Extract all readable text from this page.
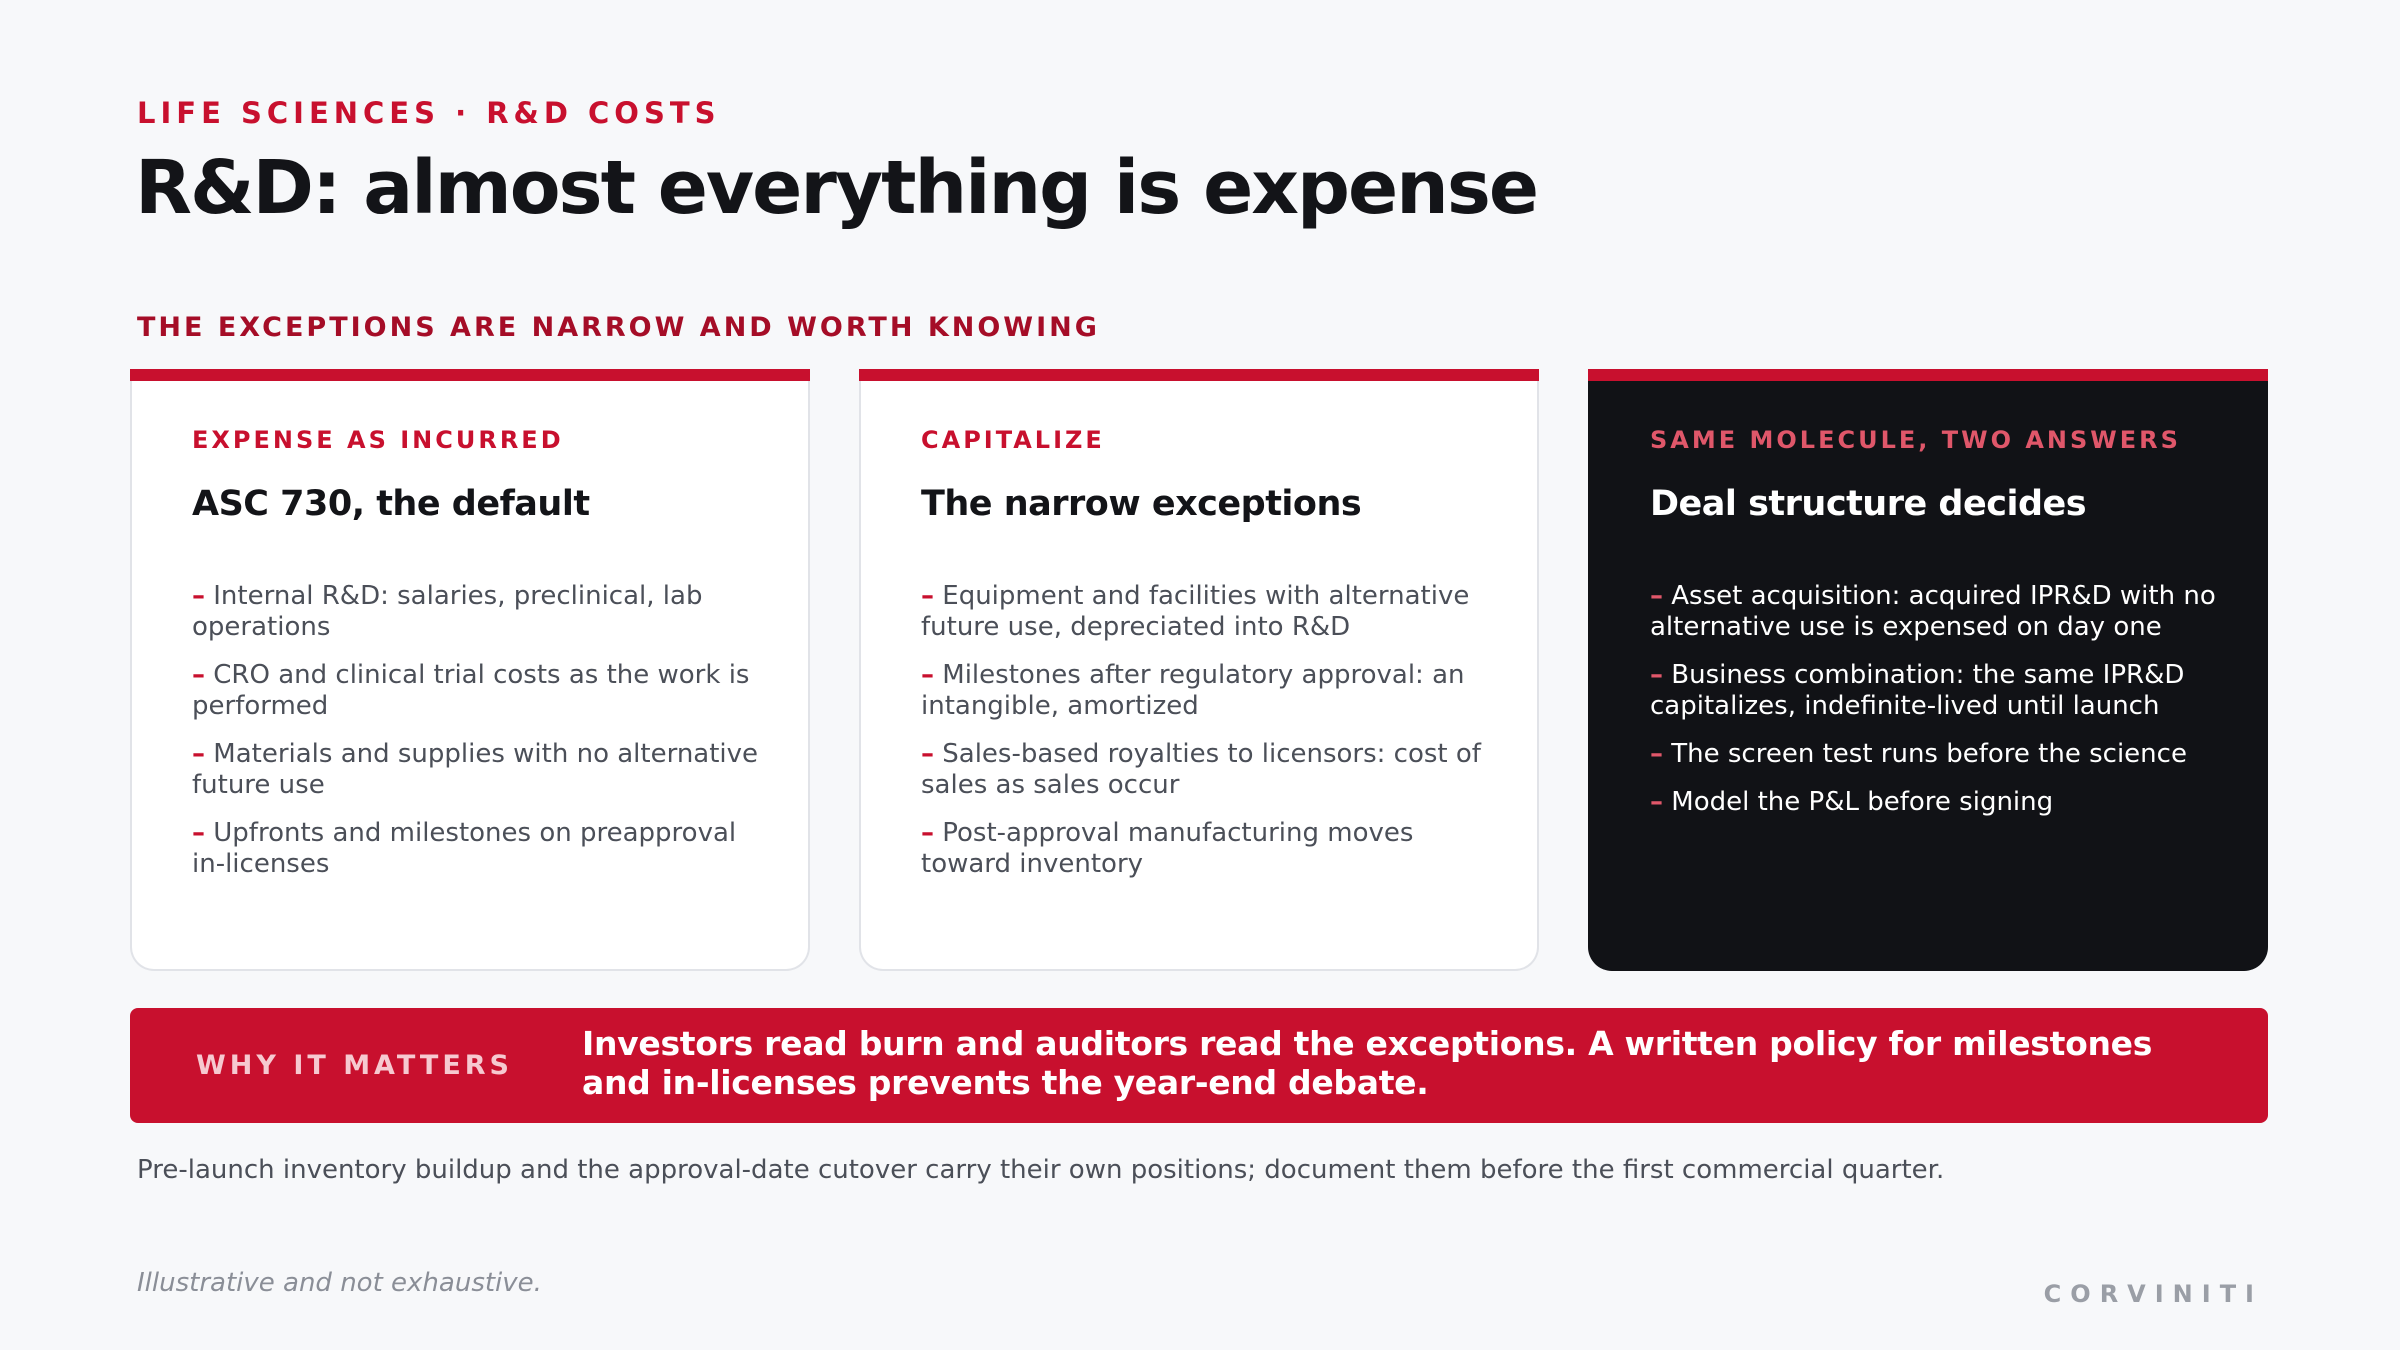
LIFE SCIENCES · R&D COSTS
R&D: almost everything is expense
THE EXCEPTIONS ARE NARROW AND WORTH KNOWING
EXPENSE AS INCURRED
ASC 730, the default
– Internal R&D: salaries, preclinical, lab operations
– CRO and clinical trial costs as the work is performed
– Materials and supplies with no alternative future use
– Upfronts and milestones on preapproval in-licenses
CAPITALIZE
The narrow exceptions
– Equipment and facilities with alternative future use, depreciated into R&D
– Milestones after regulatory approval: an intangible, amortized
– Sales-based royalties to licensors: cost of sales as sales occur
– Post-approval manufacturing moves toward inventory
SAME MOLECULE, TWO ANSWERS
Deal structure decides
– Asset acquisition: acquired IPR&D with no alternative use is expensed on day one
– Business combination: the same IPR&D capitalizes, indefinite-lived until launch
– The screen test runs before the science
– Model the P&L before signing
WHY IT MATTERS
Investors read burn and auditors read the exceptions. A written policy for milestones and in-licenses prevents the year-end debate.
Pre-launch inventory buildup and the approval-date cutover carry their own positions; document them before the first commercial quarter.
Illustrative and not exhaustive.	CORVINITI
